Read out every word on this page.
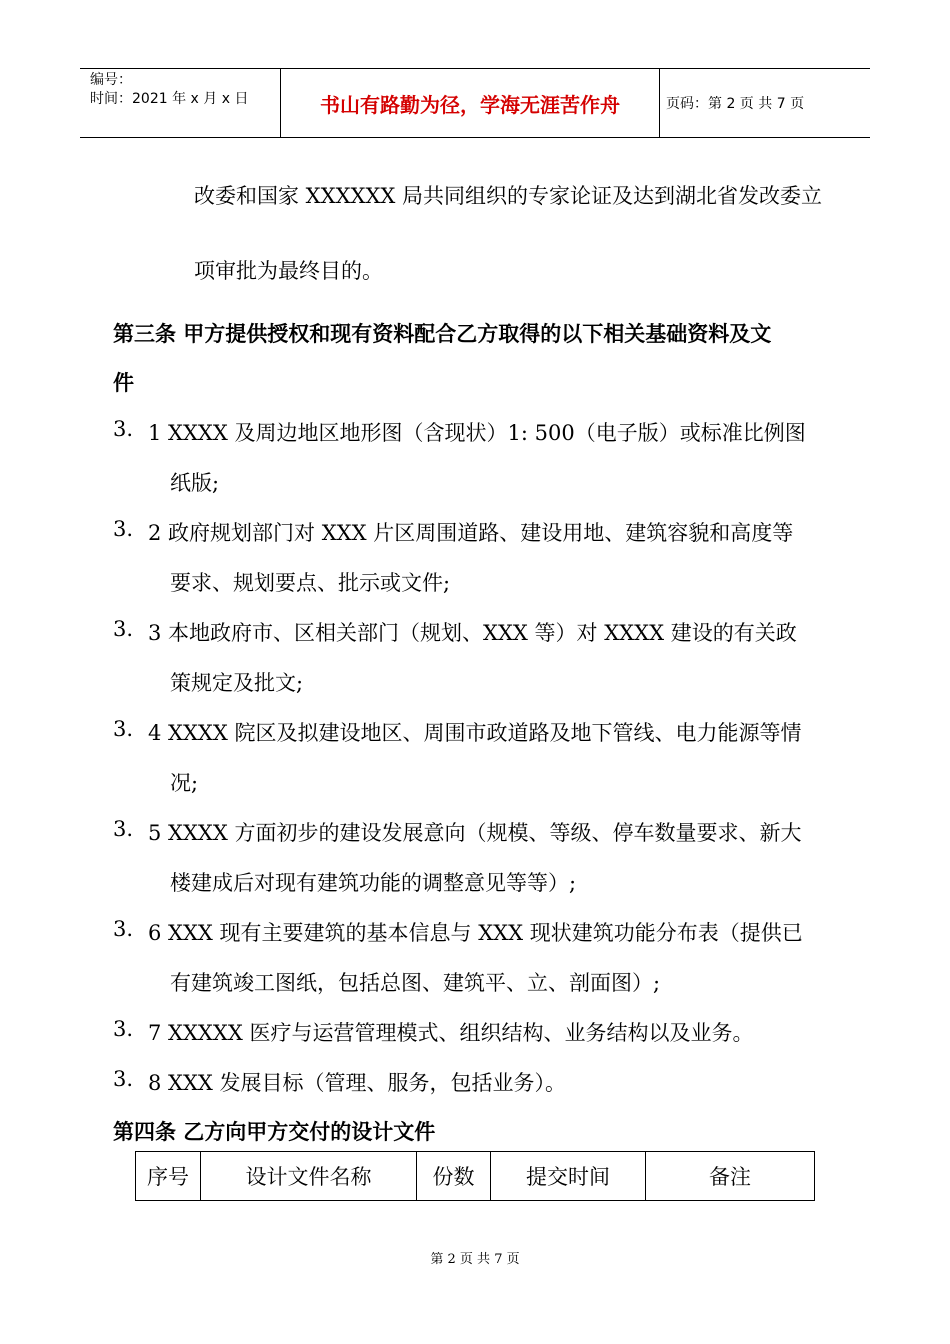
编号：
时间：2021 年 x 月 x 日	书山有路勤为径，学海无涯苦作舟	页码：第 2 页 共 7 页
改委和国家 XXXXXX 局共同组织的专家论证及达到湖北省发改委立
项审批为最终目的。
第三条 甲方提供授权和现有资料配合乙方取得的以下相关基础资料及文
件
3. 1 XXXX 及周边地区地形图（含现状）1: 500（电子版）或标准比例图
纸版;
3. 2 政府规划部门对 XXX 片区周围道路、建设用地、建筑容貌和高度等
要求、规划要点、批示或文件;
3. 3 本地政府市、区相关部门（规划、XXX 等）对 XXXX 建设的有关政
策规定及批文;
3. 4 XXXX 院区及拟建设地区、周围市政道路及地下管线、电力能源等情
况;
3. 5 XXXX 方面初步的建设发展意向（规模、等级、停车数量要求、新大
楼建成后对现有建筑功能的调整意见等等）;
3. 6 XXX 现有主要建筑的基本信息与 XXX 现状建筑功能分布表（提供已
有建筑竣工图纸，包括总图、建筑平、立、剖面图）;
3. 7 XXXXX 医疗与运营管理模式、组织结构、业务结构以及业务。
3. 8 XXX 发展目标（管理、服务，包括业务）。
第四条 乙方向甲方交付的设计文件
序号	设计文件名称	份数	提交时间	备注
第 2 页 共 7 页
